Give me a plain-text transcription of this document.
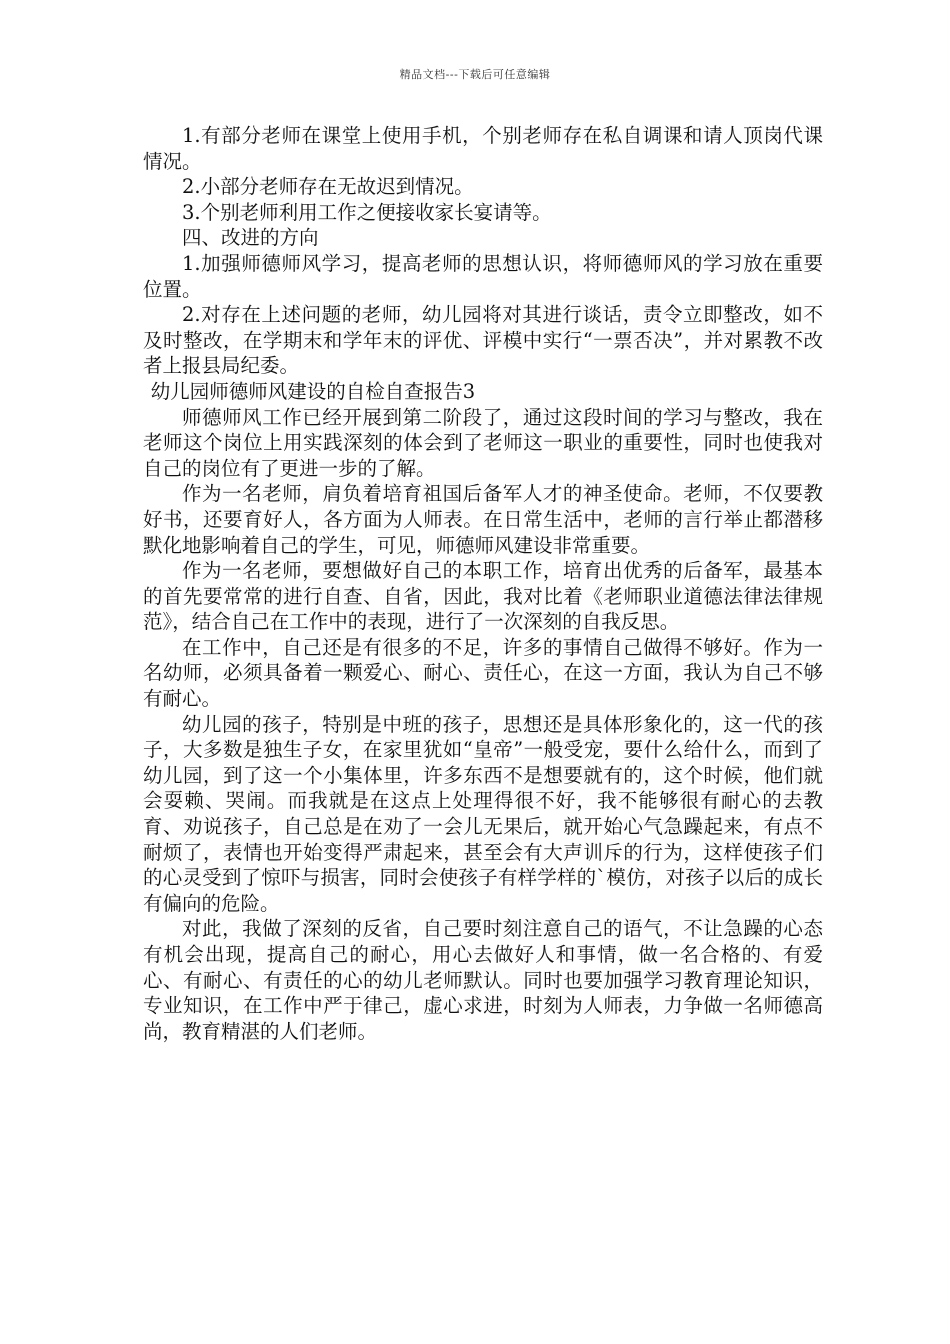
精品文档---下载后可任意编辑

1.有部分老师在课堂上使用手机，个别老师存在私自调课和请人顶岗代课情况。

2.小部分老师存在无故迟到情况。

3.个别老师利用工作之便接收家长宴请等。

四、改进的方向

1.加强师德师风学习，提高老师的思想认识，将师德师风的学习放在重要位置。

2.对存在上述问题的老师，幼儿园将对其进行谈话，责令立即整改，如不及时整改，在学期末和学年末的评优、评模中实行“一票否决”，并对累教不改者上报县局纪委。

幼儿园师德师风建设的自检自查报告3

师德师风工作已经开展到第二阶段了，通过这段时间的学习与整改，我在老师这个岗位上用实践深刻的体会到了老师这一职业的重要性，同时也使我对自己的岗位有了更进一步的了解。

作为一名老师，肩负着培育祖国后备军人才的神圣使命。老师，不仅要教好书，还要育好人，各方面为人师表。在日常生活中，老师的言行举止都潜移默化地影响着自己的学生，可见，师德师风建设非常重要。

作为一名老师，要想做好自己的本职工作，培育出优秀的后备军，最基本的首先要常常的进行自查、自省，因此，我对比着《老师职业道德法律法律规范》，结合自己在工作中的表现，进行了一次深刻的自我反思。

在工作中，自己还是有很多的不足，许多的事情自己做得不够好。作为一名幼师，必须具备着一颗爱心、耐心、责任心，在这一方面，我认为自己不够有耐心。

幼儿园的孩子，特别是中班的孩子，思想还是具体形象化的，这一代的孩子，大多数是独生子女，在家里犹如“皇帝”一般受宠，要什么给什么，而到了幼儿园，到了这一个小集体里，许多东西不是想要就有的，这个时候，他们就会耍赖、哭闹。而我就是在这点上处理得很不好，我不能够很有耐心的去教育、劝说孩子，自己总是在劝了一会儿无果后，就开始心气急躁起来，有点不耐烦了，表情也开始变得严肃起来，甚至会有大声训斥的行为，这样使孩子们的心灵受到了惊吓与损害，同时会使孩子有样学样的`模仿，对孩子以后的成长有偏向的危险。

对此，我做了深刻的反省，自己要时刻注意自己的语气，不让急躁的心态有机会出现，提高自己的耐心，用心去做好人和事情，做一名合格的、有爱心、有耐心、有责任的心的幼儿老师默认。同时也要加强学习教育理论知识，专业知识，在工作中严于律己，虚心求进，时刻为人师表，力争做一名师德高尚，教育精湛的人们老师。
